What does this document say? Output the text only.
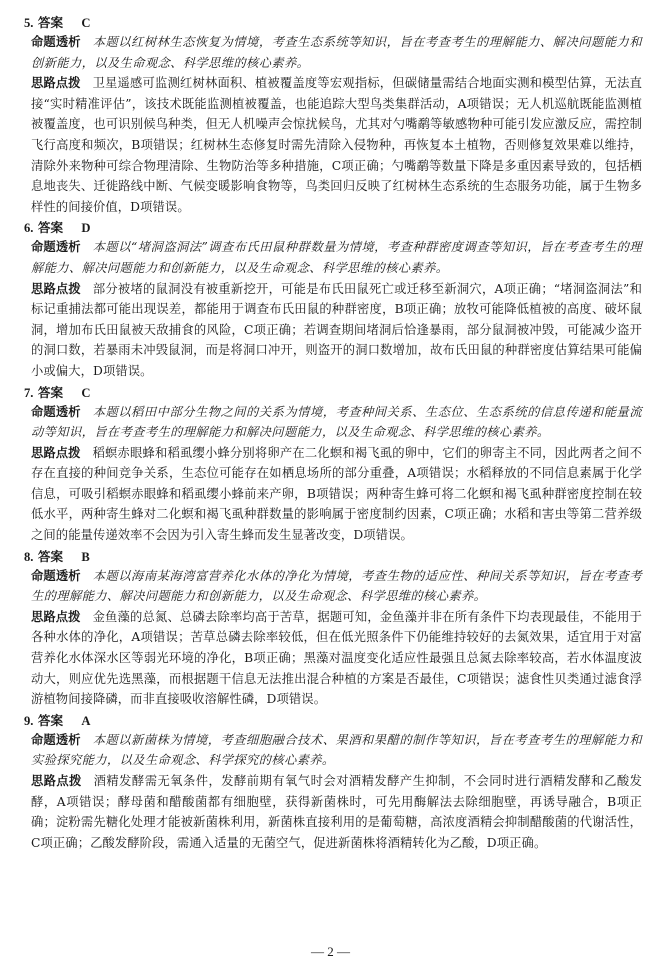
5. 答案 C

命题透析 本题以红树林生态恢复为情境，考查生态系统等知识，旨在考查考生的理解能力、解决问题能力和创新能力，以及生命观念、科学思维的核心素养。

思路点拨 卫星遥感可监测红树林面积、植被覆盖度等宏观指标，但碳储量需结合地面实测和模型估算，无法直接“实时精准评估”，该技术既能监测植被覆盖，也能追踪大型鸟类集群活动，A项错误；无人机巡航既能监测植被覆盖度，也可识别候鸟种类，但无人机噪声会惊扰候鸟，尤其对勺嘴鹬等敏感物种可能引发应激反应，需控制飞行高度和频次，B项错误；红树林生态修复时需先清除入侵物种，再恢复本土植物，否则修复效果难以维持，清除外来物种可综合物理清除、生物防治等多种措施，C项正确；勺嘴鹬等数量下降是多重因素导致的，包括栖息地丧失、迁徙路线中断、气候变暖影响食物等，鸟类回归反映了红树林生态系统的生态服务功能，属于生物多样性的间接价值，D项错误。

6. 答案 D

命题透析 本题以“堵洞盗洞法”调查布氏田鼠种群数量为情境，考查种群密度调查等知识，旨在考查考生的理解能力、解决问题能力和创新能力，以及生命观念、科学思维的核心素养。

思路点拨 部分被堵的鼠洞没有被重新挖开，可能是布氏田鼠死亡或迁移至新洞穴，A项正确；“堵洞盗洞法”和标记重捕法都可能出现误差，都能用于调查布氏田鼠的种群密度，B项正确；放牧可能降低植被的高度、破坏鼠洞，增加布氏田鼠被天敌捕食的风险，C项正确；若调查期间堵洞后恰逢暴雨，部分鼠洞被冲毁，可能减少盗开的洞口数，若暴雨未冲毁鼠洞，而是将洞口冲开，则盗开的洞口数增加，故布氏田鼠的种群密度估算结果可能偏小或偏大，D项错误。

7. 答案 C

命题透析 本题以稻田中部分生物之间的关系为情境，考查种间关系、生态位、生态系统的信息传递和能量流动等知识，旨在考查考生的理解能力和解决问题能力，以及生命观念、科学思维的核心素养。

思路点拨 稻螟赤眼蜂和稻虱缨小蜂分别将卵产在二化螟和褐飞虱的卵中，它们的卵寄主不同，因此两者之间不存在直接的种间竞争关系，生态位可能存在如栖息场所的部分重叠，A项错误；水稻释放的不同信息素属于化学信息，可吸引稻螟赤眼蜂和稻虱缨小蜂前来产卵，B项错误；两种寄生蜂可将二化螟和褐飞虱种群密度控制在较低水平，两种寄生蜂对二化螟和褐飞虱种群数量的影响属于密度制约因素，C项正确；水稻和害虫等第二营养级之间的能量传递效率不会因为引入寄生蜂而发生显著改变，D项错误。

8. 答案 B

命题透析 本题以海南某海湾富营养化水体的净化为情境，考查生物的适应性、种间关系等知识，旨在考查考生的理解能力、解决问题能力和创新能力，以及生命观念、科学思维的核心素养。

思路点拨 金鱼藻的总氮、总磷去除率均高于苦草，据题可知，金鱼藻并非在所有条件下均表现最佳，不能用于各种水体的净化，A项错误；苦草总磷去除率较低，但在低光照条件下仍能维持较好的去氮效果，适宜用于对富营养化水体深水区等弱光环境的净化，B项正确；黑藻对温度变化适应性最强且总氮去除率较高，若水体温度波动大，则应优先选黑藻，而根据题干信息无法推出混合种植的方案是否最佳，C项错误；滤食性贝类通过滤食浮游植物间接降磷，而非直接吸收溶解性磷，D项错误。

9. 答案 A

命题透析 本题以新菌株为情境，考查细胞融合技术、果酒和果醋的制作等知识，旨在考查考生的理解能力和实验探究能力，以及生命观念、科学探究的核心素养。

思路点拨 酒精发酵需无氧条件，发酵前期有氧气时会对酒精发酵产生抑制，不会同时进行酒精发酵和乙酸发酵，A项错误；酵母菌和醋酸菌都有细胞壁，获得新菌株时，可先用酶解法去除细胞壁，再诱导融合，B项正确；淀粉需先糖化处理才能被新菌株利用，新菌株直接利用的是葡萄糖，高浓度酒精会抑制醋酸菌的代谢活性，C项正确；乙酸发酵阶段，需通入适量的无菌空气，促进新菌株将酒精转化为乙酸，D项正确。

— 2 —
